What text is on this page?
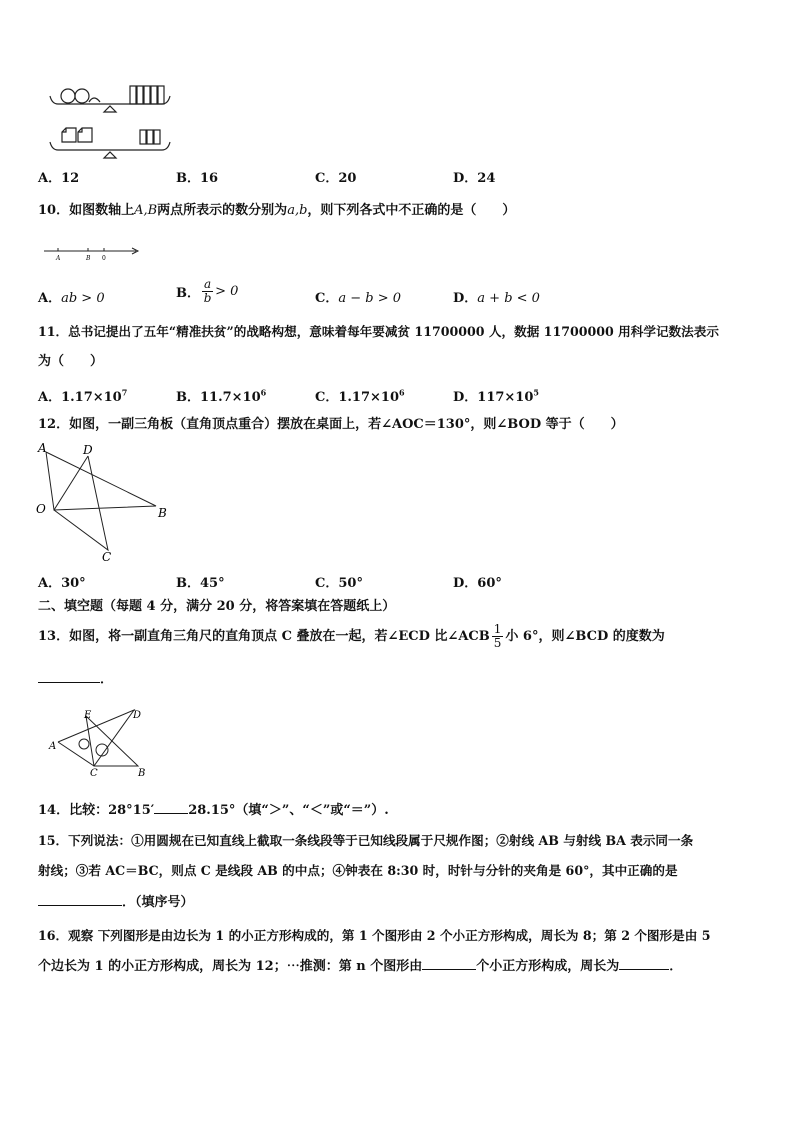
A．12	B．16	C．20	D．24
10．如图数轴上A,B两点所表示的数分别为a,b，则下列各式中不正确的是（　　）
A	B 0
A．ab > 0	B． $\frac{a}{b} > 0$	C．a − b > 0	D．a + b < 0
11．总书记提出了五年“精准扶贫”的战略构想，意味着每年要减贫 11700000 人，数据 11700000 用科学记数法表示
为（　　）
A．$1.17\times 10^7$	B．$11.7\times 10^6$	C．$1.17\times 10^6$	D．$117\times 10^5$
12．如图，一副三角板（直角顶点重合）摆放在桌面上，若∠AOC＝130°，则∠BOD 等于（　　）
A	D
O	B
C
A．30°	B．45°	C．50°	D．60°
二、填空题（每题 4 分，满分 20 分，将答案填在答题纸上）
13．如图，将一副直角三角尺的直角顶点 C 叠放在一起，若∠ECD 比∠ACB $\frac{1}{5}$ 小 6°，则∠BCD 的度数为
．
E	D
A
C	B
14．比较：28°15′	28.15°（填“＞”、“＜”或“＝”）.
15．下列说法：①用圆规在已知直线上截取一条线段等于已知线段属于尺规作图；②射线 AB 与射线 BA 表示同一条
射线；③若 AC＝BC，则点 C 是线段 AB 的中点；④钟表在 8:30 时，时针与分针的夹角是 60°，其中正确的是
．（填序号）
16．观察 下列图形是由边长为 1 的小正方形构成的，第 1 个图形由 2 个小正方形构成，周长为 8；第 2 个图形是由 5
个边长为 1 的小正方形构成，周长为 12；⋯推测：第 n 个图形由	个小正方形构成，周长为	．
